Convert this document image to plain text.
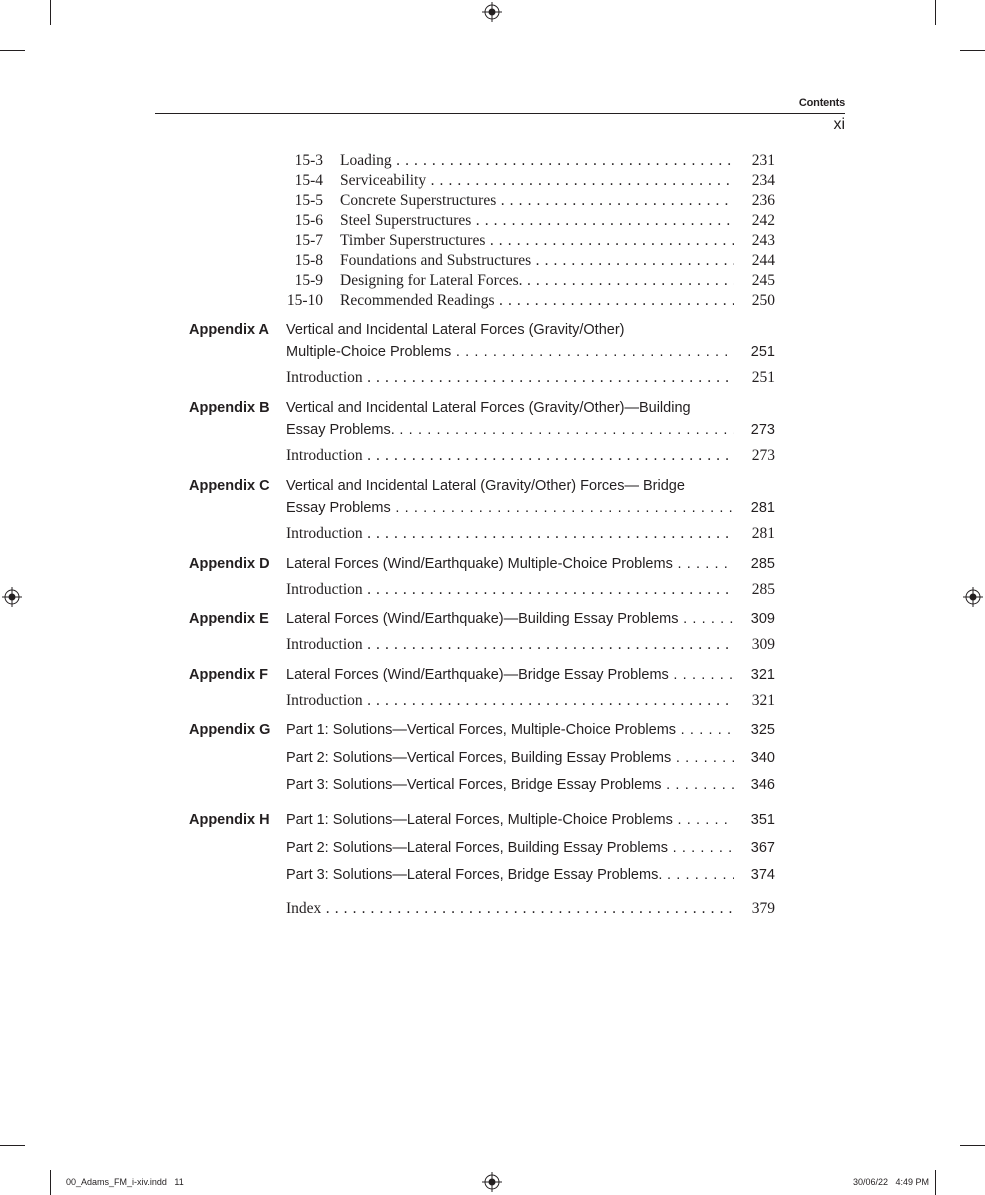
Contents
xi
15-3 Loading . . .	231
15-4 Serviceability . . .	234
15-5 Concrete Superstructures . . .	236
15-6 Steel Superstructures . . .	242
15-7 Timber Superstructures . . .	243
15-8 Foundations and Substructures . . .	244
15-9 Designing for Lateral Forces. . . .	245
15-10 Recommended Readings . . .	250
Appendix A Vertical and Incidental Lateral Forces (Gravity/Other)
Multiple-Choice Problems . . .	251
Introduction . . .	251
Appendix B Vertical and Incidental Lateral Forces (Gravity/Other)—Building
Essay Problems. . . .	273
Introduction . . .	273
Appendix C Vertical and Incidental Lateral (Gravity/Other) Forces— Bridge
Essay Problems . . .	281
Introduction . . .	281
Appendix D Lateral Forces (Wind/Earthquake) Multiple-Choice Problems . . .	285
Introduction . . .	285
Appendix E Lateral Forces (Wind/Earthquake)—Building Essay Problems . . .	309
Introduction . . .	309
Appendix F Lateral Forces (Wind/Earthquake)—Bridge Essay Problems . . .	321
Introduction . . .	321
Appendix G Part 1: Solutions—Vertical Forces, Multiple-Choice Problems . . .	325
Part 2: Solutions—Vertical Forces, Building Essay Problems . . .	340
Part 3: Solutions—Vertical Forces, Bridge Essay Problems . . .	346
Appendix H Part 1: Solutions—Lateral Forces, Multiple-Choice Problems . . .	351
Part 2: Solutions—Lateral Forces, Building Essay Problems . . .	367
Part 3: Solutions—Lateral Forces, Bridge Essay Problems. . . .	374
Index . . .	379
00_Adams_FM_i-xiv.indd   11	30/06/22   4:49 PM
